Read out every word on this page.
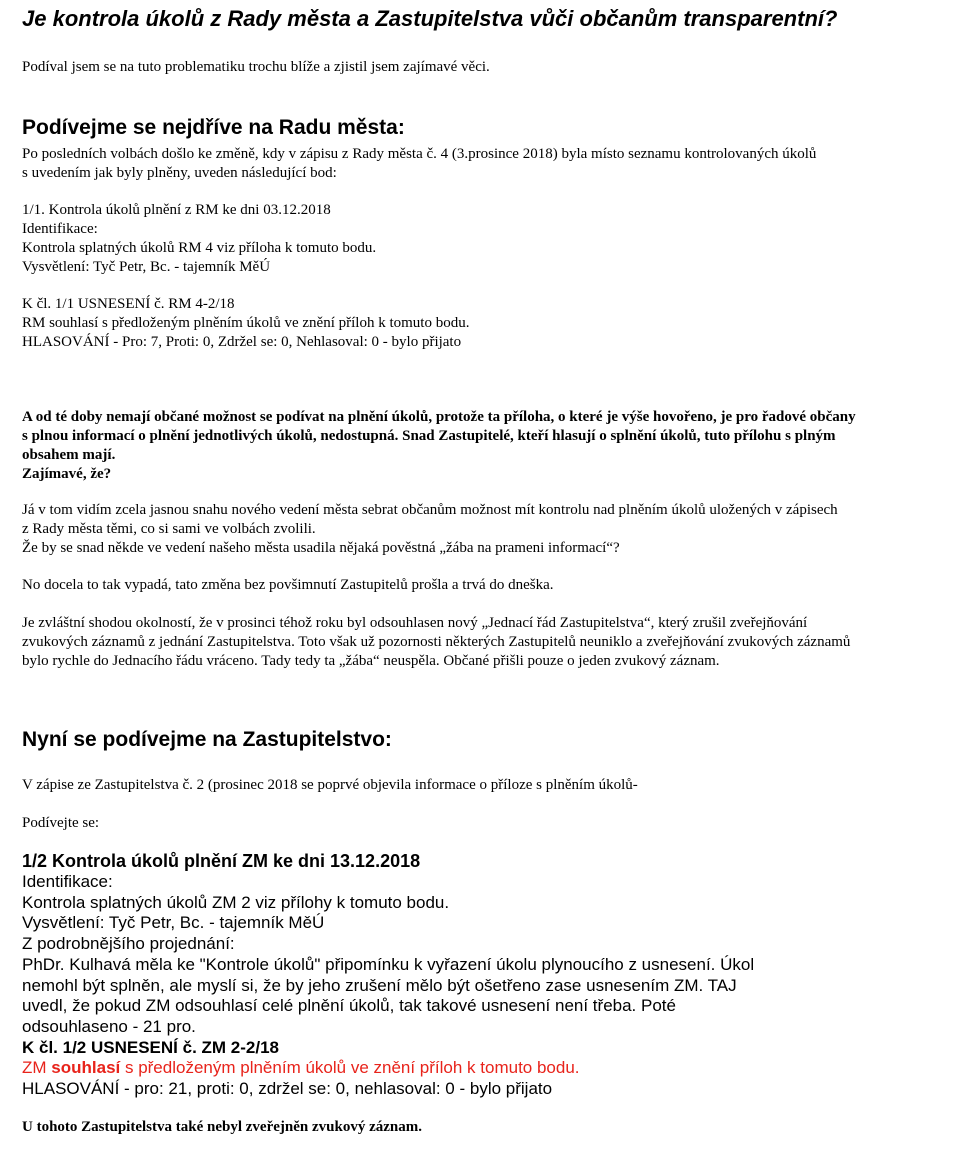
Je kontrola úkolů z Rady města a Zastupitelstva vůči občanům transparentní?
Podíval jsem se na tuto problematiku trochu blíže a zjistil jsem zajímavé věci.
Podívejme se nejdříve na Radu města:
Po posledních volbách došlo ke změně, kdy v zápisu z Rady města č. 4 (3.prosince 2018) byla místo seznamu kontrolovaných úkolů
s uvedením jak byly plněny, uveden následující bod:
1/1. Kontrola úkolů plnění z RM ke dni 03.12.2018
Identifikace:
Kontrola splatných úkolů RM 4 viz příloha k tomuto bodu.
Vysvětlení: Tyč Petr, Bc. - tajemník MěÚ
K čl. 1/1 USNESENÍ č. RM 4-2/18
RM souhlasí s předloženým plněním úkolů ve znění příloh k tomuto bodu.
HLASOVÁNÍ - Pro: 7, Proti: 0, Zdržel se: 0, Nehlasoval: 0 - bylo přijato
A od té doby nemají občané možnost se podívat na plnění úkolů, protože ta příloha, o které je výše hovořeno, je pro řadové občany
s plnou informací o plnění jednotlivých úkolů, nedostupná. Snad Zastupitelé, kteří hlasují o splnění úkolů, tuto přílohu s plným
obsahem mají.
Zajímavé, že?
Já v tom vidím zcela jasnou snahu nového vedení města sebrat občanům možnost mít kontrolu nad plněním úkolů uložených v zápisech
z Rady města těmi, co si sami ve volbách zvolili.
Že by se snad někde ve vedení našeho města usadila nějaká pověstná „žába na prameni informací“?
No docela to tak vypadá, tato změna bez povšimnutí Zastupitelů prošla a trvá do dneška.
Je zvláštní shodou okolností, že v prosinci téhož roku byl odsouhlasen nový „Jednací řád Zastupitelstva“, který zrušil zveřejňování
zvukových záznamů z jednání Zastupitelstva. Toto však už pozornosti některých Zastupitelů neuniklo a zveřejňování zvukových záznamů
bylo rychle do Jednacího řádu vráceno. Tady tedy ta „žába“ neuspěla. Občané přišli pouze o jeden zvukový záznam.
Nyní se podívejme na Zastupitelstvo:
V zápise ze Zastupitelstva č. 2 (prosinec 2018 se poprvé objevila informace o příloze s plněním úkolů-
Podívejte se:
1/2 Kontrola úkolů plnění ZM ke dni 13.12.2018
Identifikace:
Kontrola splatných úkolů ZM 2 viz přílohy k tomuto bodu.
Vysvětlení: Tyč Petr, Bc. - tajemník MěÚ
Z podrobnějšího projednání:
PhDr. Kulhavá měla ke "Kontrole úkolů" připomínku k vyřazení úkolu plynoucího z usnesení. Úkol
nemohl být splněn, ale myslí si, že by jeho zrušení mělo být ošetřeno zase usnesením ZM. TAJ
uvedl, že pokud ZM odsouhlasí celé plnění úkolů, tak takové usnesení není třeba. Poté
odsouhlaseno - 21 pro.
K čl. 1/2 USNESENÍ č. ZM 2-2/18
ZM souhlasí s předloženým plněním úkolů ve znění příloh k tomuto bodu.
HLASOVÁNÍ - pro: 21, proti: 0, zdržel se: 0, nehlasoval: 0 - bylo přijato
U tohoto Zastupitelstva také nebyl zveřejněn zvukový záznam.
